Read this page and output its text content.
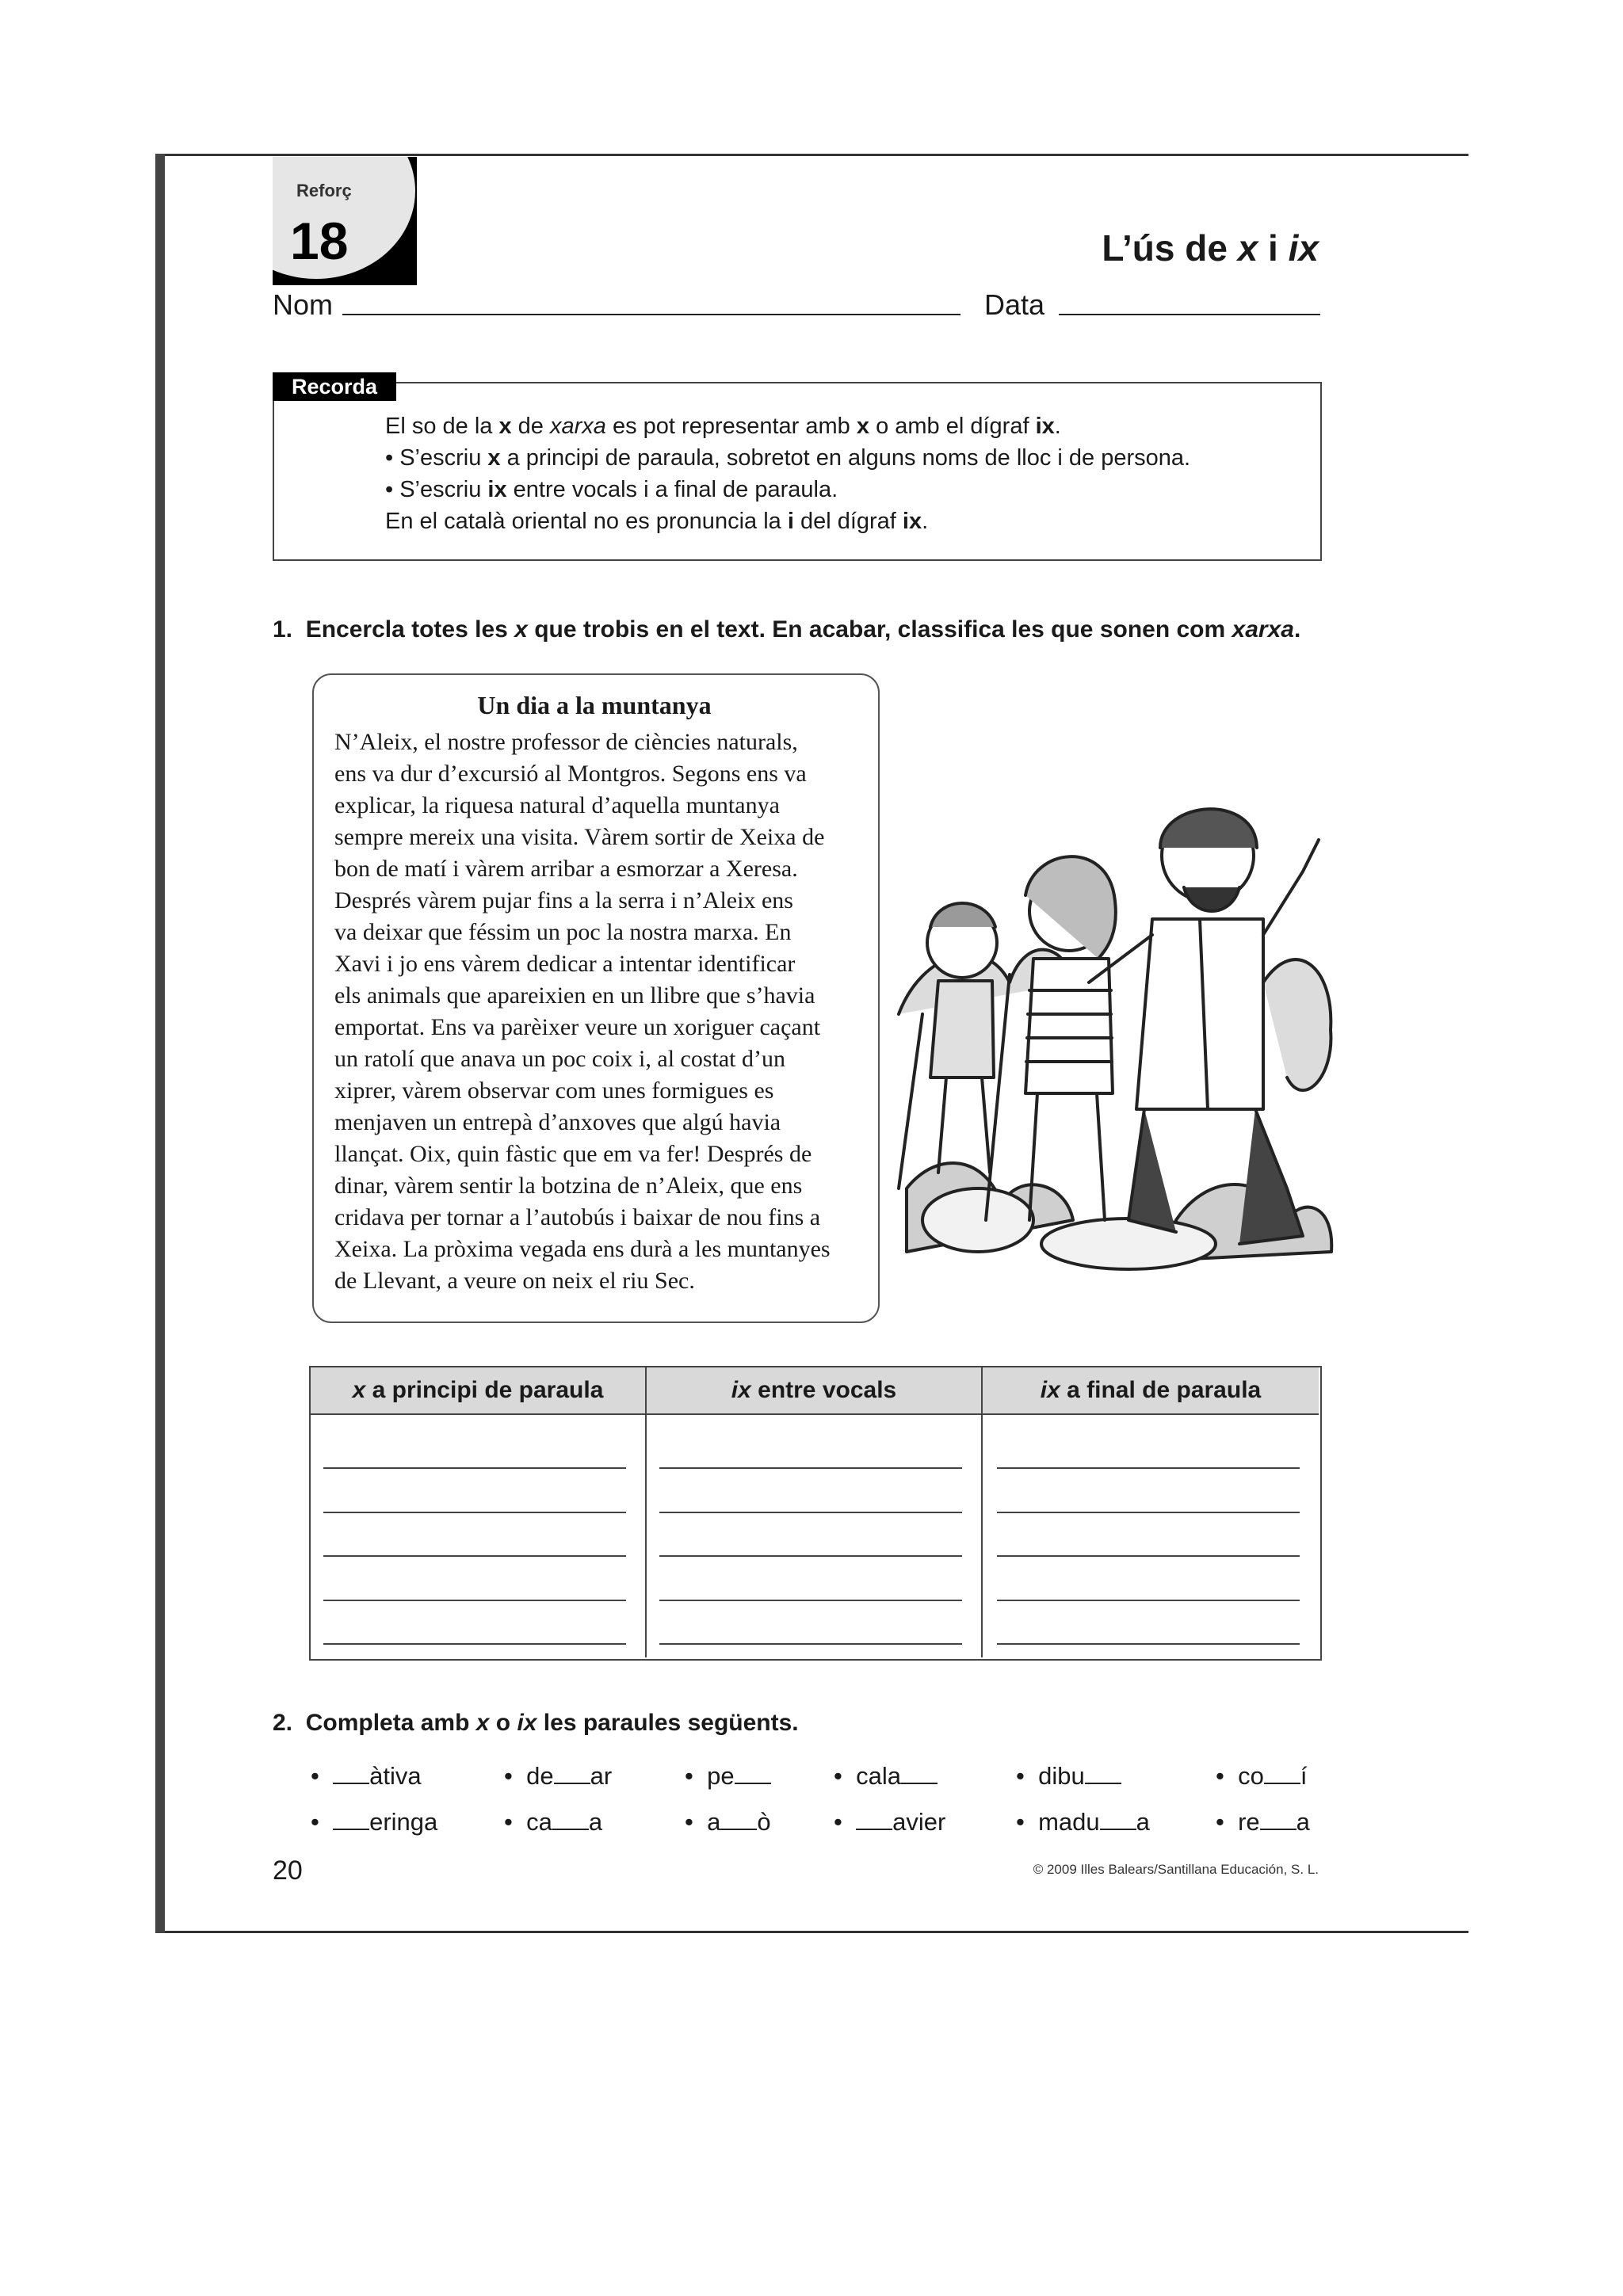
Reforç
18	L’ús de x i ix
Nom	Data
Recorda
El so de la x de xarxa es pot representar amb x o amb el dígraf ix.
• S’escriu x a principi de paraula, sobretot en alguns noms de lloc i de persona.
• S’escriu ix entre vocals i a final de paraula.
En el català oriental no es pronuncia la i del dígraf ix.
1. Encercla totes les x que trobis en el text. En acabar, classifica les que sonen com xarxa.
Un dia a la muntanya
N’Aleix, el nostre professor de ciències naturals,
ens va dur d’excursió al Montgros. Segons ens va
explicar, la riquesa natural d’aquella muntanya
sempre mereix una visita. Vàrem sortir de Xeixa de
bon de matí i vàrem arribar a esmorzar a Xeresa.
Després vàrem pujar fins a la serra i n’Aleix ens
va deixar que féssim un poc la nostra marxa. En
Xavi i jo ens vàrem dedicar a intentar identificar
els animals que apareixien en un llibre que s’havia
emportat. Ens va parèixer veure un xoriguer caçant
un ratolí que anava un poc coix i, al costat d’un
xiprer, vàrem observar com unes formigues es
menjaven un entrepà d’anxoves que algú havia
llançat. Oix, quin fàstic que em va fer! Després de
dinar, vàrem sentir la botzina de n’Aleix, que ens
cridava per tornar a l’autobús i baixar de nou fins a
Xeixa. La pròxima vegada ens durà a les muntanyes
de Llevant, a veure on neix el riu Sec.
x a principi de paraula	ix entre vocals	ix a final de paraula
2. Completa amb x o ix les paraules següents.
• àtiva	• de ar	• pe	• cala	• dibu	• co í
• eringa	• ca a	• a ò	• avier	• madu a	• re a
20	© 2009 Illes Balears/Santillana Educación, S. L.
